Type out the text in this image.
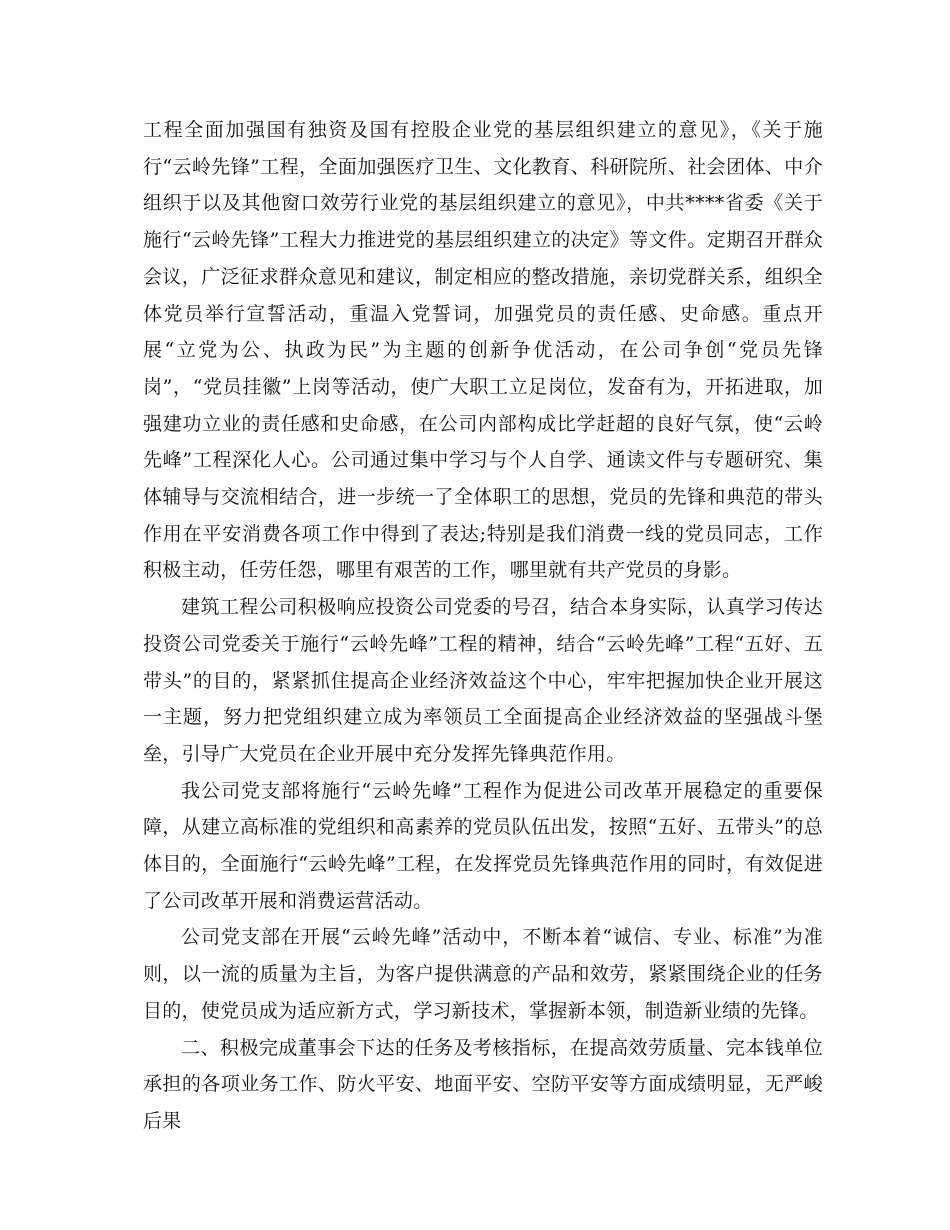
工程全面加强国有独资及国有控股企业党的基层组织建立的意见》，《关于施行“云岭先锋”工程，全面加强医疗卫生、文化教育、科研院所、社会团体、中介组织于以及其他窗口效劳行业党的基层组织建立的意见》，中共****省委《关于施行“云岭先锋”工程大力推进党的基层组织建立的决定》等文件。定期召开群众会议，广泛征求群众意见和建议，制定相应的整改措施，亲切党群关系，组织全体党员举行宣誓活动，重温入党誓词，加强党员的责任感、史命感。重点开展“立党为公、执政为民”为主题的创新争优活动，在公司争创“党员先锋岗”，“党员挂徽”上岗等活动，使广大职工立足岗位，发奋有为，开拓进取，加强建功立业的责任感和史命感，在公司内部构成比学赶超的良好气氛，使“云岭先峰”工程深化人心。公司通过集中学习与个人自学、通读文件与专题研究、集体辅导与交流相结合，进一步统一了全体职工的思想，党员的先锋和典范的带头作用在平安消费各项工作中得到了表达;特别是我们消费一线的党员同志，工作积极主动，任劳任怨，哪里有艰苦的工作，哪里就有共产党员的身影。

建筑工程公司积极响应投资公司党委的号召，结合本身实际，认真学习传达投资公司党委关于施行“云岭先峰”工程的精神，结合“云岭先峰”工程“五好、五带头”的目的，紧紧抓住提高企业经济效益这个中心，牢牢把握加快企业开展这一主题，努力把党组织建立成为率领员工全面提高企业经济效益的坚强战斗堡垒，引导广大党员在企业开展中充分发挥先锋典范作用。

我公司党支部将施行“云岭先峰”工程作为促进公司改革开展稳定的重要保障，从建立高标准的党组织和高素养的党员队伍出发，按照“五好、五带头”的总体目的，全面施行“云岭先峰”工程，在发挥党员先锋典范作用的同时，有效促进了公司改革开展和消费运营活动。

公司党支部在开展“云岭先峰”活动中，不断本着“诚信、专业、标准”为准则，以一流的质量为主旨，为客户提供满意的产品和效劳，紧紧围绕企业的任务目的，使党员成为适应新方式，学习新技术，掌握新本领，制造新业绩的先锋。

二、积极完成董事会下达的任务及考核指标，在提高效劳质量、完本钱单位承担的各项业务工作、防火平安、地面平安、空防平安等方面成绩明显，无严峻后果
